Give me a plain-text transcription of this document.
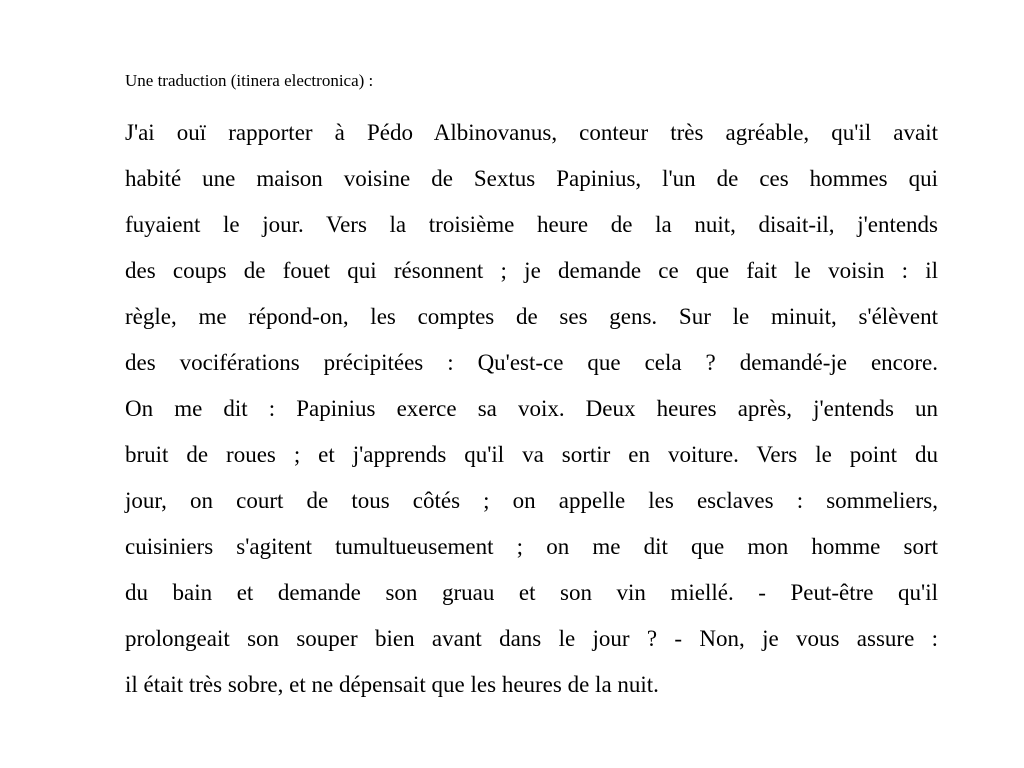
Une traduction (itinera electronica) :
J'ai ouï rapporter à Pédo Albinovanus, conteur très agréable, qu'il avait
habité une maison voisine de Sextus Papinius, l'un de ces hommes qui
fuyaient le jour. Vers la troisième heure de la nuit, disait-il, j'entends
des coups de fouet qui résonnent ; je demande ce que fait le voisin : il
règle, me répond-on, les comptes de ses gens. Sur le minuit, s'élèvent
des vociférations précipitées : Qu'est-ce que cela ? demandé-je encore.
On me dit : Papinius exerce sa voix. Deux heures après, j'entends un
bruit de roues ; et j'apprends qu'il va sortir en voiture. Vers le point du
jour, on court de tous côtés ; on appelle les esclaves : sommeliers,
cuisiniers s'agitent tumultueusement ; on me dit que mon homme sort
du bain et demande son gruau et son vin miellé. - Peut-être qu'il
prolongeait son souper bien avant dans le jour ? - Non, je vous assure :
il était très sobre, et ne dépensait que les heures de la nuit.
